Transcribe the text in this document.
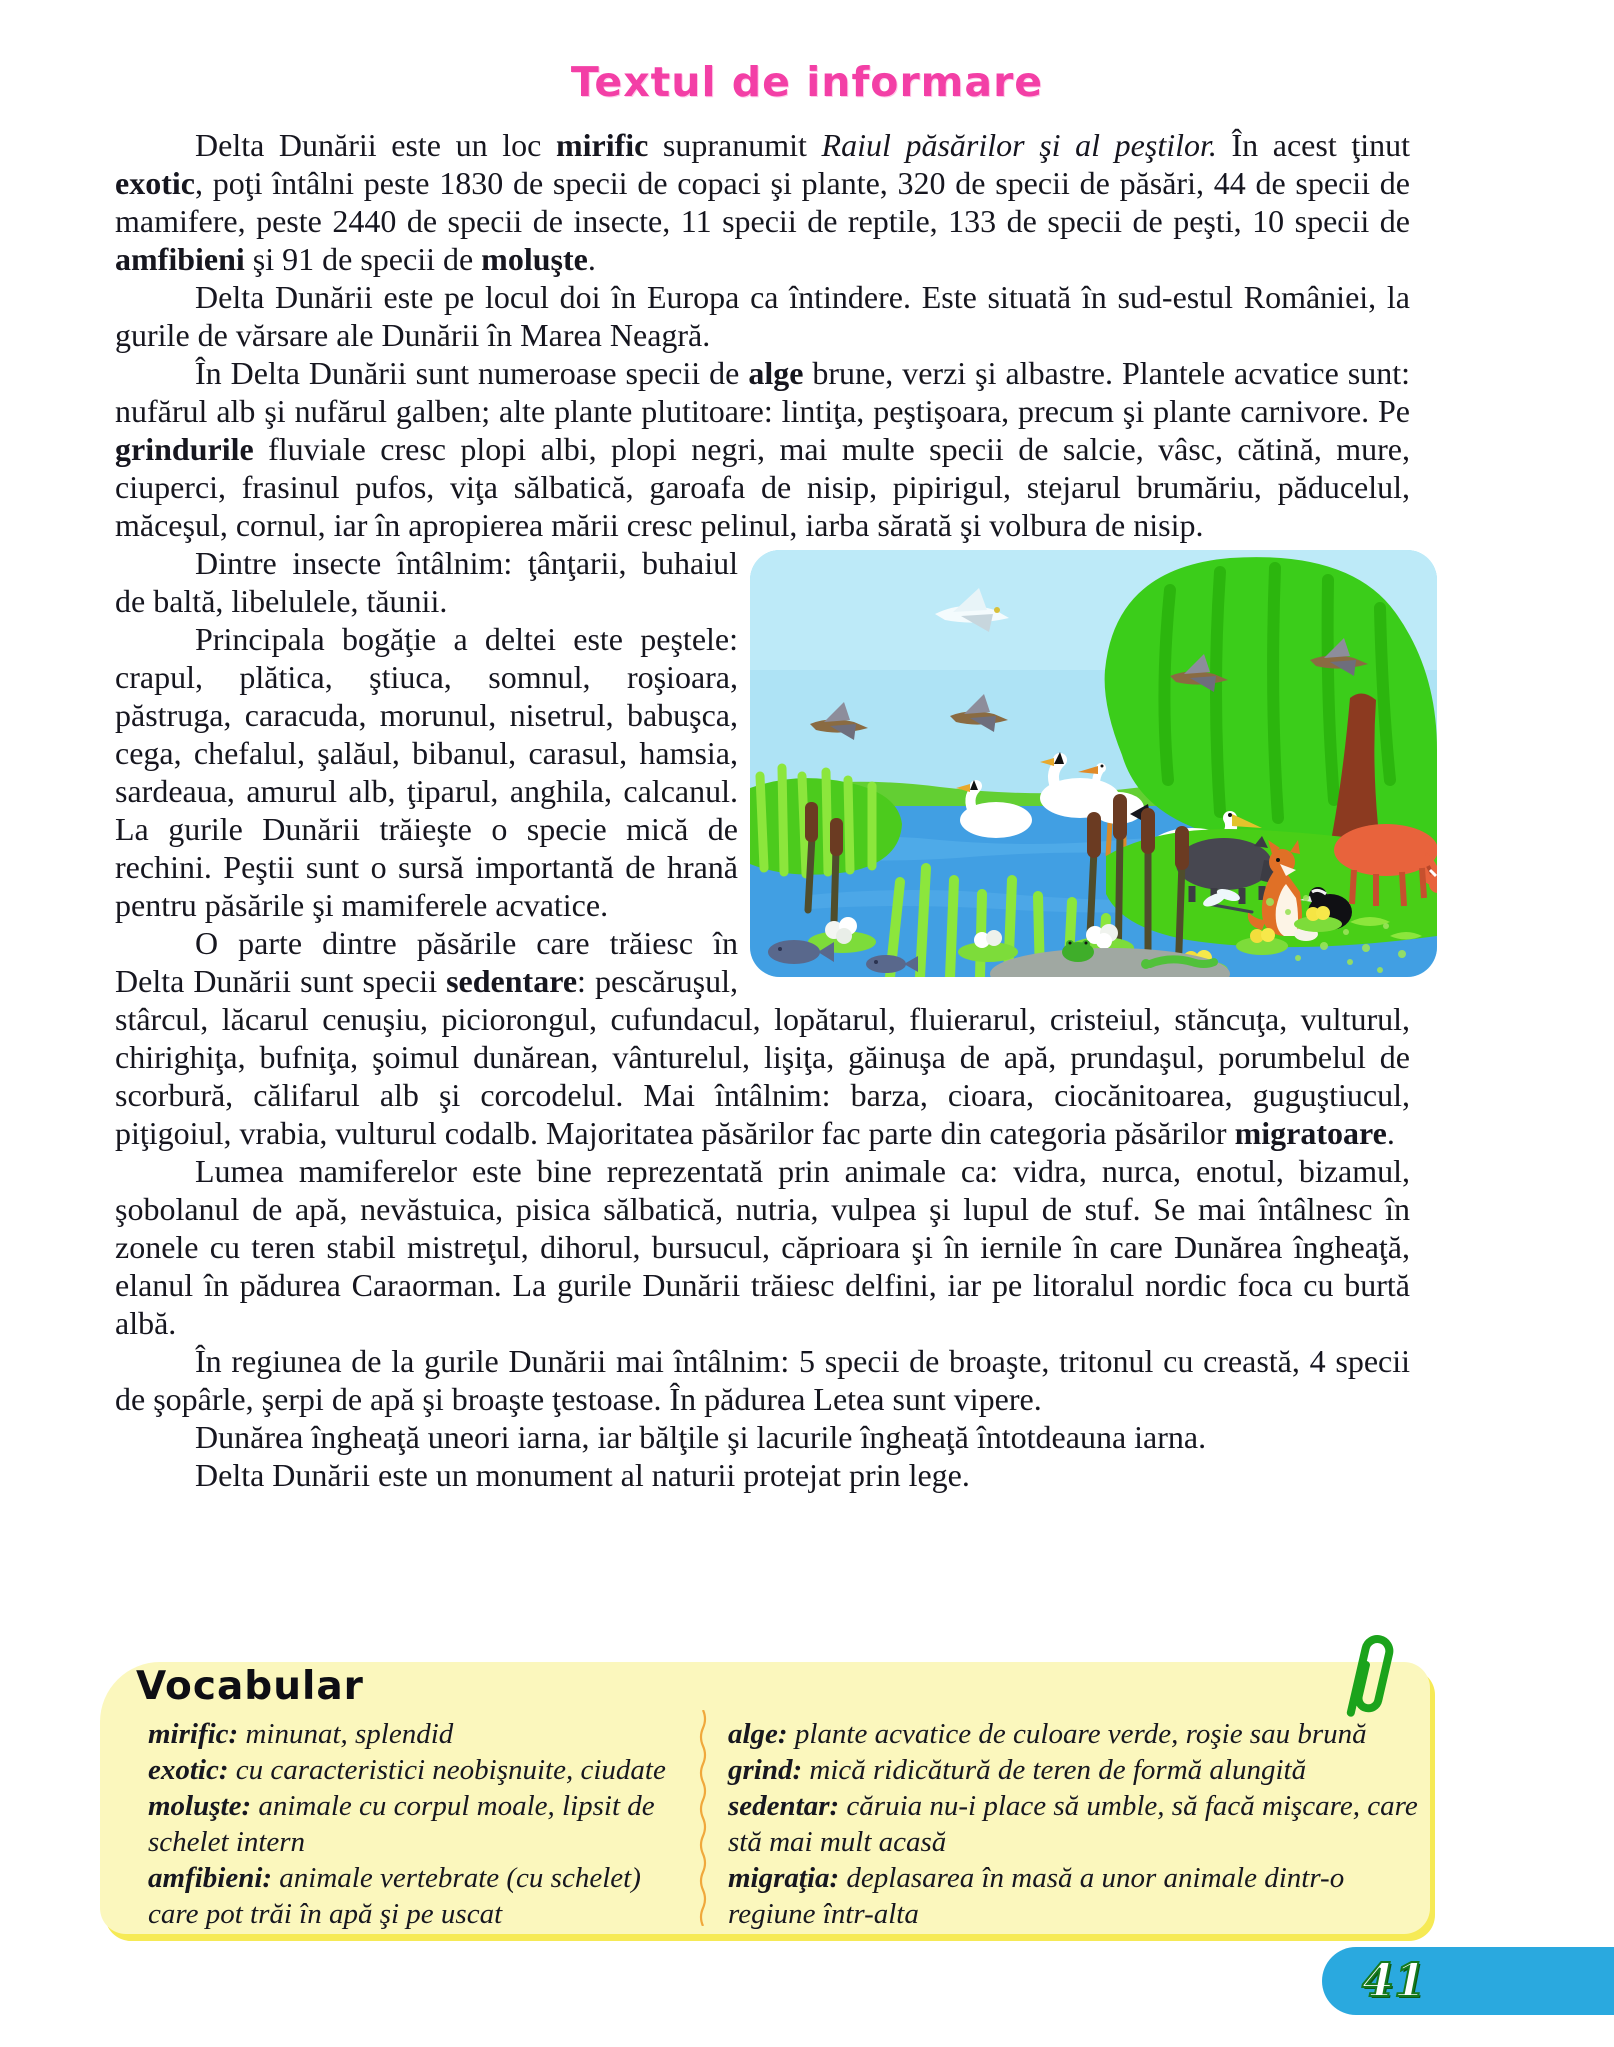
Textul de informare

Delta Dunării este un loc mirific supranumit Raiul păsărilor şi al peştilor. În acest ţinut exotic, poţi întâlni peste 1830 de specii de copaci şi plante, 320 de specii de păsări, 44 de specii de mamifere, peste 2440 de specii de insecte, 11 specii de reptile, 133 de specii de peşti, 10 specii de amfibieni şi 91 de specii de moluşte.

Delta Dunării este pe locul doi în Europa ca întindere. Este situată în sud-estul României, la gurile de vărsare ale Dunării în Marea Neagră.

În Delta Dunării sunt numeroase specii de alge brune, verzi şi albastre. Plantele acvatice sunt: nufărul alb şi nufărul galben; alte plante plutitoare: lintiţa, peştişoara, precum şi plante carnivore. Pe grindurile fluviale cresc plopi albi, plopi negri, mai multe specii de salcie, vâsc, cătină, mure, ciuperci, frasinul pufos, viţa sălbatică, garoafa de nisip, pipirigul, stejarul brumăriu, păducelul, măceşul, cornul, iar în apropierea mării cresc pelinul, iarba sărată şi volbura de nisip.

Dintre insecte întâlnim: ţânţarii, buhaiul de baltă, libelulele, tăunii.

Principala bogăţie a deltei este peştele: crapul, plătica, ştiuca, somnul, roşioara, păstruga, caracuda, morunul, nisetrul, babuşca, cega, chefalul, şalăul, bibanul, carasul, hamsia, sardeaua, amurul alb, ţiparul, anghila, calcanul. La gurile Dunării trăieşte o specie mică de rechini. Peştii sunt o sursă importantă de hrană pentru păsările şi mamiferele acvatice.

O parte dintre păsările care trăiesc în Delta Dunării sunt specii sedentare: pescăruşul, stârcul, lăcarul cenuşiu, piciorongul, cufundacul, lopătarul, fluierarul, cristeiul, stăncuţa, vulturul, chirighiţa, bufniţa, şoimul dunărean, vânturelul, lişiţa, găinuşa de apă, prundaşul, porumbelul de scorbură, călifarul alb şi corcodelul. Mai întâlnim: barza, cioara, ciocănitoarea, guguştiucul, piţigoiul, vrabia, vulturul codalb. Majoritatea păsărilor fac parte din categoria păsărilor migratoare.

Lumea mamiferelor este bine reprezentată prin animale ca: vidra, nurca, enotul, bizamul, şobolanul de apă, nevăstuica, pisica sălbatică, nutria, vulpea şi lupul de stuf. Se mai întâlnesc în zonele cu teren stabil mistreţul, dihorul, bursucul, căprioara şi în iernile în care Dunărea îngheaţă, elanul în pădurea Caraorman. La gurile Dunării trăiesc delfini, iar pe litoralul nordic foca cu burtă albă.

În regiunea de la gurile Dunării mai întâlnim: 5 specii de broaşte, tritonul cu creastă, 4 specii de şopârle, şerpi de apă şi broaşte ţestoase. În pădurea Letea sunt vipere.

Dunărea îngheaţă uneori iarna, iar bălţile şi lacurile îngheaţă întotdeauna iarna.

Delta Dunării este un monument al naturii protejat prin lege.

Vocabular

mirific: minunat, splendid

exotic: cu caracteristici neobişnuite, ciudate

moluşte: animale cu corpul moale, lipsit de schelet intern

amfibieni: animale vertebrate (cu schelet) care pot trăi în apă şi pe uscat

alge: plante acvatice de culoare verde, roşie sau brună

grind: mică ridicătură de teren de formă alungită

sedentar: căruia nu-i place să umble, să facă mişcare, care stă mai mult acasă

migraţia: deplasarea în masă a unor animale dintr-o regiune într-alta

41
